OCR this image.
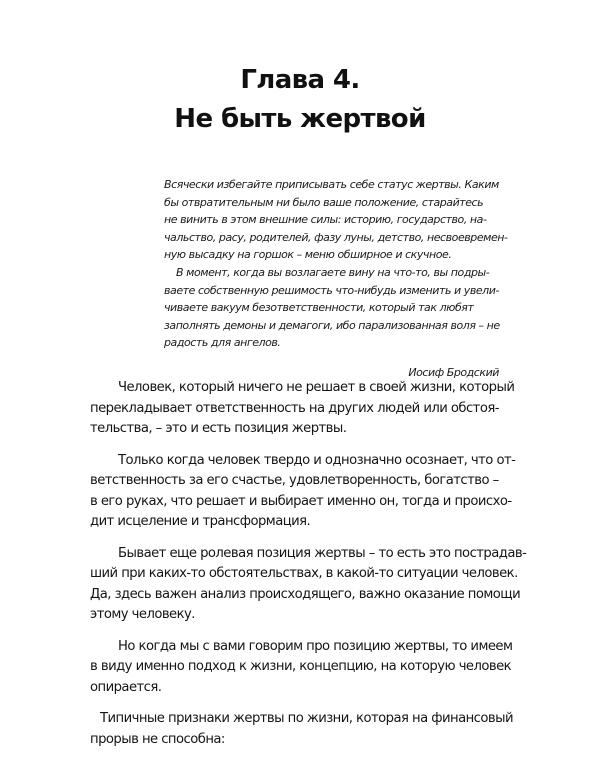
Глава 4.
Не быть жертвой
Всячески избегайте приписывать себе статус жертвы. Каким
бы отвратительным ни было ваше положение, старайтесь
не винить в этом внешние силы: историю, государство, на-
чальство, расу, родителей, фазу луны, детство, несвоевремен-
ную высадку на горшок – меню обширное и скучное.
В момент, когда вы возлагаете вину на что-то, вы подры-
ваете собственную решимость что-нибудь изменить и увели-
чиваете вакуум безответственности, который так любят
заполнять демоны и демагоги, ибо парализованная воля – не
радость для ангелов.
Иосиф Бродский
Человек, который ничего не решает в своей жизни, который
перекладывает ответственность на других людей или обстоя-
тельства, – это и есть позиция жертвы.
Только когда человек твердо и однозначно осознает, что от-
ветственность за его счастье, удовлетворенность, богатство –
в его руках, что решает и выбирает именно он, тогда и происхо-
дит исцеление и трансформация.
Бывает еще ролевая позиция жертвы – то есть это пострадав-
ший при каких-то обстоятельствах, в какой-то ситуации человек.
Да, здесь важен анализ происходящего, важно оказание помощи
этому человеку.
Но когда мы с вами говорим про позицию жертвы, то имеем
в виду именно подход к жизни, концепцию, на которую человек
опирается.
Типичные признаки жертвы по жизни, которая на финансовый
прорыв не способна:
